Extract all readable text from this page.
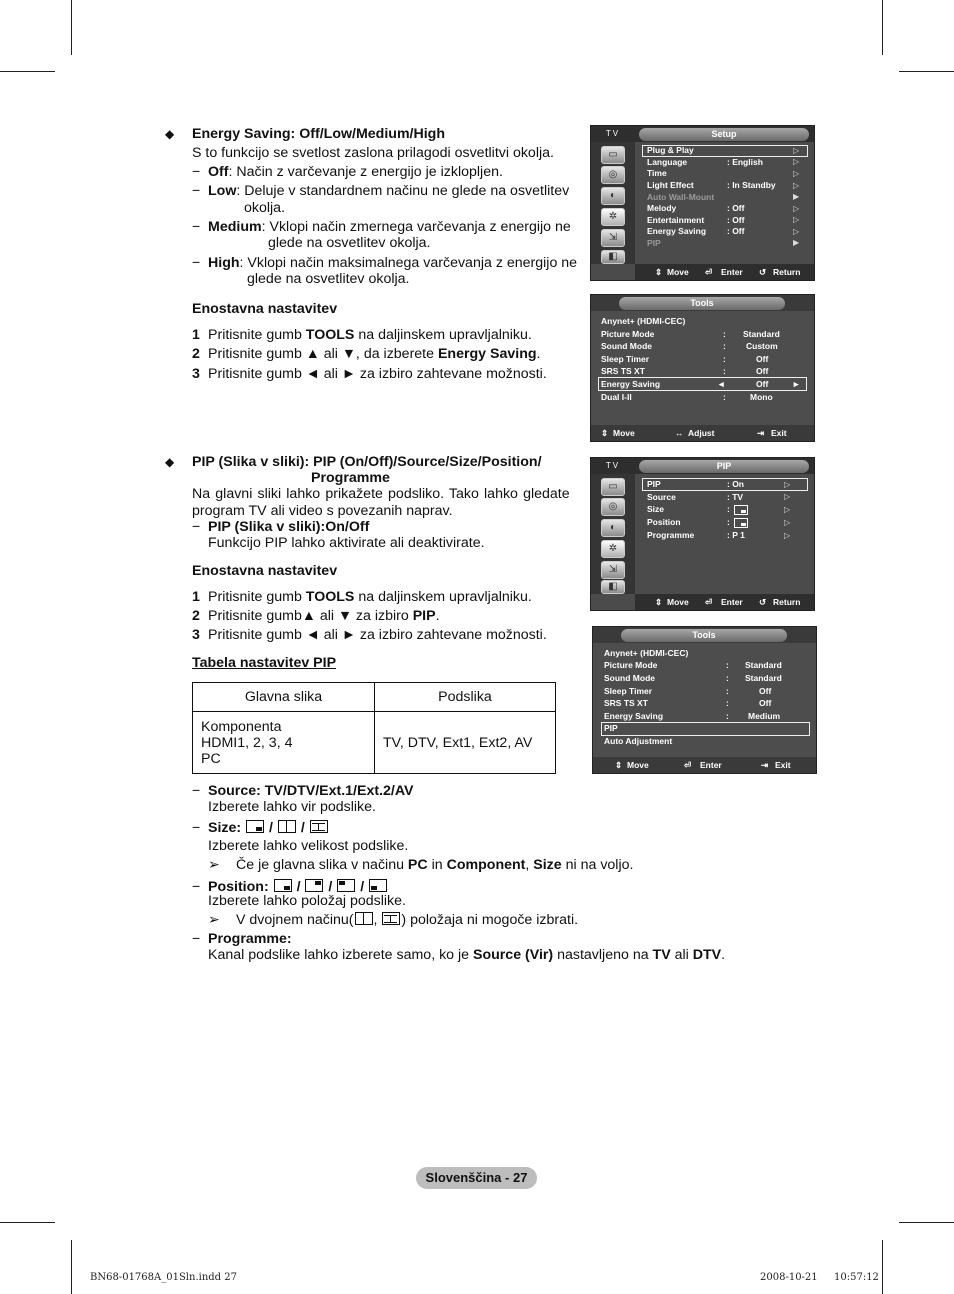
◆ Energy Saving: Off/Low/Medium/High
S to funkcijo se svetlost zaslona prilagodi osvetlitvi okolja.
− Off: Način z varčevanje z energijo je izklopljen.
− Low: Deluje v standardnem načinu ne glede na osvetlitev
okolja.
− Medium: Vklopi način zmernega varčevanja z energijo ne
glede na osvetlitev okolja.
− High: Vklopi način maksimalnega varčevanja z energijo ne
glede na osvetlitev okolja.
Enostavna nastavitev
1 Pritisnite gumb TOOLS na daljinskem upravljalniku.
2 Pritisnite gumb ▲ ali ▼, da izberete Energy Saving.
3 Pritisnite gumb ◄ ali ► za izbiro zahtevane možnosti.
T V	Setup
▭
◎
◐
✲
⇲
◧
Plug & Play
Language	: English
Time
Light Effect	: In Standby
Auto Wall-Mount
Melody	: Off
Entertainment	: Off
Energy Saving : Off
PIP
▷
▷
▷
▷
▶
▷
▷
▷
▶
⇕ Move ⏎ Enter ↺ Return
Tools
Anynet+ (HDMI-CEC)
Picture Mode	: Standard
Sound Mode	: Custom
Sleep Timer	:	Off
SRS TS XT	:	Off
Energy Saving	◄	Off	►
Dual I-II	:	Mono
⇕ Move	↔ Adjust	⇥ Exit
◆ PIP (Slika v sliki): PIP (On/Off)/Source/Size/Position/
Programme
Na glavni sliki lahko prikažete podsliko. Tako lahko gledate
program TV ali video s povezanih naprav.
− PIP (Slika v sliki):On/Off
Funkcijo PIP lahko aktivirate ali deaktivirate.
Enostavna nastavitev
1 Pritisnite gumb TOOLS na daljinskem upravljalniku.
2 Pritisnite gumb▲ ali ▼ za izbiro PIP.
3 Pritisnite gumb ◄ ali ► za izbiro zahtevane možnosti.
Tabela nastavitev PIP
Glavna slika	Podslika

Komponenta
HDMI1, 2, 3, 4
PC	TV, DTV, Ext1, Ext2, AV
− Source: TV/DTV/Ext.1/Ext.2/AV
Izberete lahko vir podslike.
− Size:
/
/
Izberete lahko velikost podslike.
➢ Če je glavna slika v načinu PC in Component, Size ni na voljo.
− Position:
/
/
/
Izberete lahko položaj podslike.
➢ V dvojnem načinu( ,
) položaja ni mogoče izbrati.
− Programme:
Kanal podslike lahko izberete samo, ko je Source (Vir) nastavljeno na TV ali DTV.
T V	PIP
▭
◎
◐
✲
⇲
◧
PIP	: On
Source	: TV
Size	:
Position	:
Programme	: P 1
▷
▷
▷
▷
▷
⇕ Move ⏎ Enter ↺ Return
Tools
Anynet+ (HDMI-CEC)
Picture Mode	: Standard
Sound Mode	: Standard
Sleep Timer	:	Off
SRS TS XT	:	Off
Energy Saving	: Medium
PIP
Auto Adjustment
⇕ Move	⏎ Enter	⇥ Exit
Slovenščina - 27
BN68-01768A_01Sln.indd 27	2008-10-21 10:57:12
